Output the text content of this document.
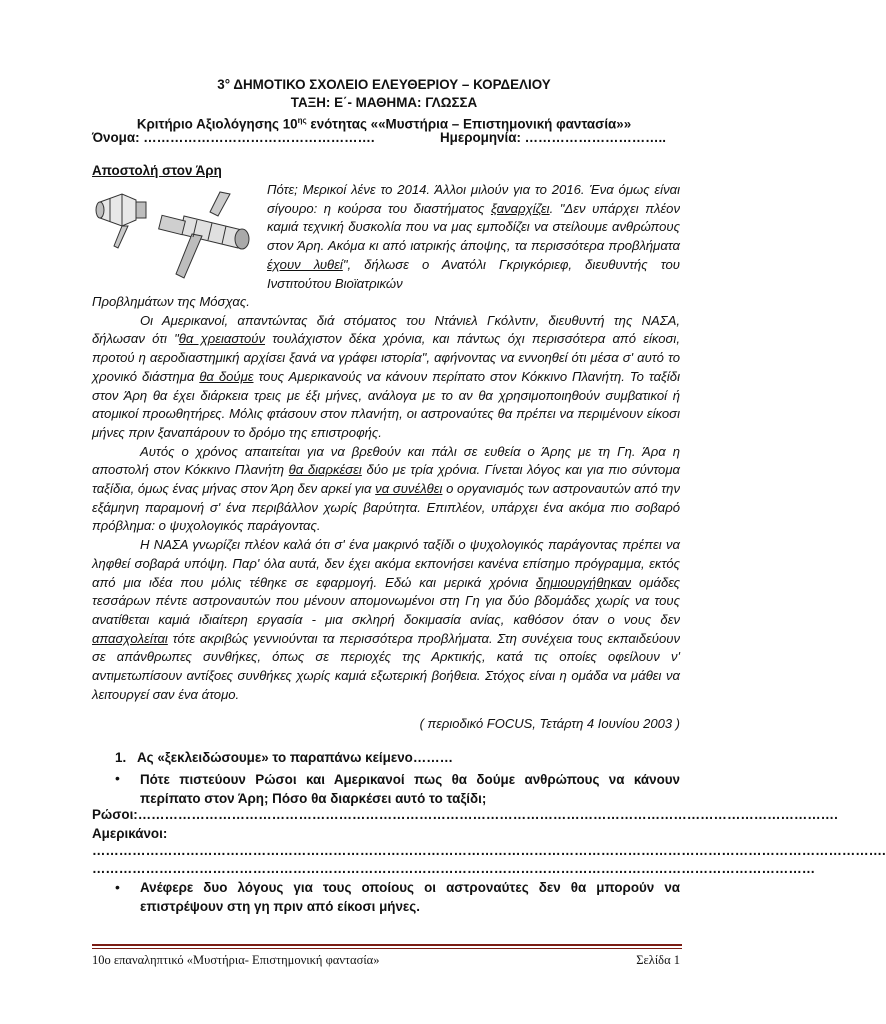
3° ΔΗΜΟΤΙΚΟ ΣΧΟΛΕΙΟ ΕΛΕΥΘΕΡΙΟΥ – ΚΟΡΔΕΛΙΟΥ
ΤΑΞΗ: Ε΄- ΜΑΘΗΜΑ: ΓΛΩΣΣΑ
Κριτήριο Αξιολόγησης $10^{\eta\varsigma}$ ενότητας ««Μυστήρια – Επιστημονική φαντασία»»
Όνομα: …………………………………………….	Ημερομηνία: …………………………..
Αποστολή στον Άρη

Πότε; Μερικοί λένε το 2014. Άλλοι μιλούν για το 2016. Ένα όμως είναι σίγουρο: η κούρσα του διαστήματος ξαναρχίζει. "Δεν υπάρχει πλέον καμιά τεχνική δυσκολία που να μας εμποδίζει να στείλουμε ανθρώπους στον Άρη. Ακόμα κι από ιατρικής άποψης, τα περισσότερα προβλήματα έχουν λυθεί", δήλωσε ο Ανατόλι Γκριγκόριεφ, διευθυντής του Ινστιτούτου Βιοϊατρικών

Προβλημάτων της Μόσχας.

Οι Αμερικανοί, απαντώντας διά στόματος του Ντάνιελ Γκόλντιν, διευθυντή της ΝΑΣΑ, δήλωσαν ότι "θα χρειαστούν τουλάχιστον δέκα χρόνια, και πάντως όχι περισσότερα από είκοσι, προτού η αεροδιαστημική αρχίσει ξανά να γράφει ιστορία", αφήνοντας να εννοηθεί ότι μέσα σ' αυτό το χρονικό διάστημα θα δούμε τους Αμερικανούς να κάνουν περίπατο στον Κόκκινο Πλανήτη. Το ταξίδι στον Άρη θα έχει διάρκεια τρεις με έξι μήνες, ανάλογα με το αν θα χρησιμοποιηθούν συμβατικοί ή ατομικοί προωθητήρες. Μόλις φτάσουν στον πλανήτη, οι αστροναύτες θα πρέπει να περιμένουν είκοσι μήνες πριν ξαναπάρουν το δρόμο της επιστροφής.

Αυτός ο χρόνος απαιτείται για να βρεθούν και πάλι σε ευθεία ο Άρης με τη Γη. Άρα η αποστολή στον Κόκκινο Πλανήτη θα διαρκέσει δύο με τρία χρόνια. Γίνεται λόγος και για πιο σύντομα ταξίδια, όμως ένας μήνας στον Άρη δεν αρκεί για να συνέλθει ο οργανισμός των αστροναυτών από την εξάμηνη παραμονή σ' ένα περιβάλλον χωρίς βαρύτητα. Επιπλέον, υπάρχει ένα ακόμα πιο σοβαρό πρόβλημα: ο ψυχολογικός παράγοντας.

Η ΝΑΣΑ γνωρίζει πλέον καλά ότι σ' ένα μακρινό ταξίδι ο ψυχολογικός παράγοντας πρέπει να ληφθεί σοβαρά υπόψη. Παρ' όλα αυτά, δεν έχει ακόμα εκπονήσει κανένα επίσημο πρόγραμμα, εκτός από μια ιδέα που μόλις τέθηκε σε εφαρμογή. Εδώ και μερικά χρόνια δημιουργήθηκαν ομάδες τεσσάρων πέντε αστροναυτών που μένουν απομονωμένοι στη Γη για δύο βδομάδες χωρίς να τους ανατίθεται καμιά ιδιαίτερη εργασία - μια σκληρή δοκιμασία ανίας, καθόσον όταν ο νους δεν απασχολείται τότε ακριβώς γεννιούνται τα περισσότερα προβλήματα. Στη συνέχεια τους εκπαιδεύουν σε απάνθρωπες συνθήκες, όπως σε περιοχές της Αρκτικής, κατά τις οποίες οφείλουν ν' αντιμετωπίσουν αντίξοες συνθήκες χωρίς καμιά εξωτερική βοήθεια. Στόχος είναι η ομάδα να μάθει να λειτουργεί σαν ένα άτομο.

( περιοδικό FOCUS, Τετάρτη 4 Ιουνίου 2003 )
1. Ας «ξεκλειδώσουμε» το παραπάνω κείμενο………
• Πότε πιστεύουν Ρώσοι και Αμερικανοί πως θα δούμε ανθρώπους να κάνουν περίπατο στον Άρη; Πόσο θα διαρκέσει αυτό το ταξίδι;
Ρώσοι:………………………………………………………………………………………………………………………………………….
Αμερικάνοι:
…………………………………………………………………………………………………………………………………………………………….
………………………………………………………………………………………………………………………………………………
• Ανέφερε δυο λόγους για τους οποίους οι αστροναύτες δεν θα μπορούν να επιστρέψουν στη γη πριν από είκοσι μήνες.
10ο επαναληπτικό «Μυστήρια- Επιστημονική φαντασία»	Σελίδα 1
